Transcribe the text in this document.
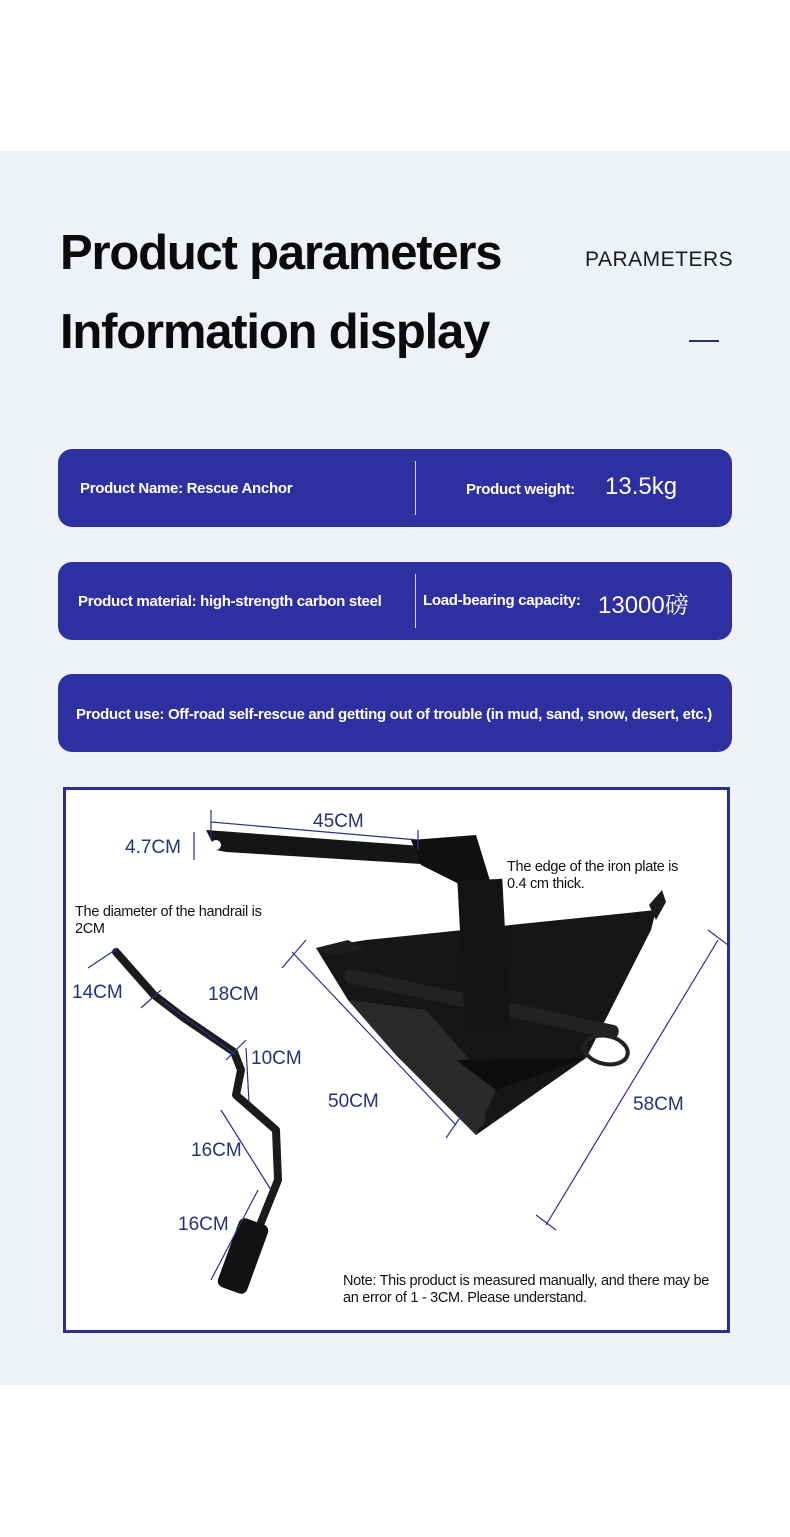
Product parameters
Information display
PARAMETERS
Product Name: Rescue Anchor	Product weight: 13.5kg
Product material: high-strength carbon steel	Load-bearing capacity: 13000磅
Product use: Off-road self-rescue and getting out of trouble (in mud, sand, snow, desert, etc.)
45CM
4.7CM
14CM	18CM
10CM
16CM
16CM
50CM	58CM
The edge of the iron plate is 0.4 cm thick.
The diameter of the handrail is 2CM
Note: This product is measured manually, and there may be an error of 1 - 3CM. Please understand.
